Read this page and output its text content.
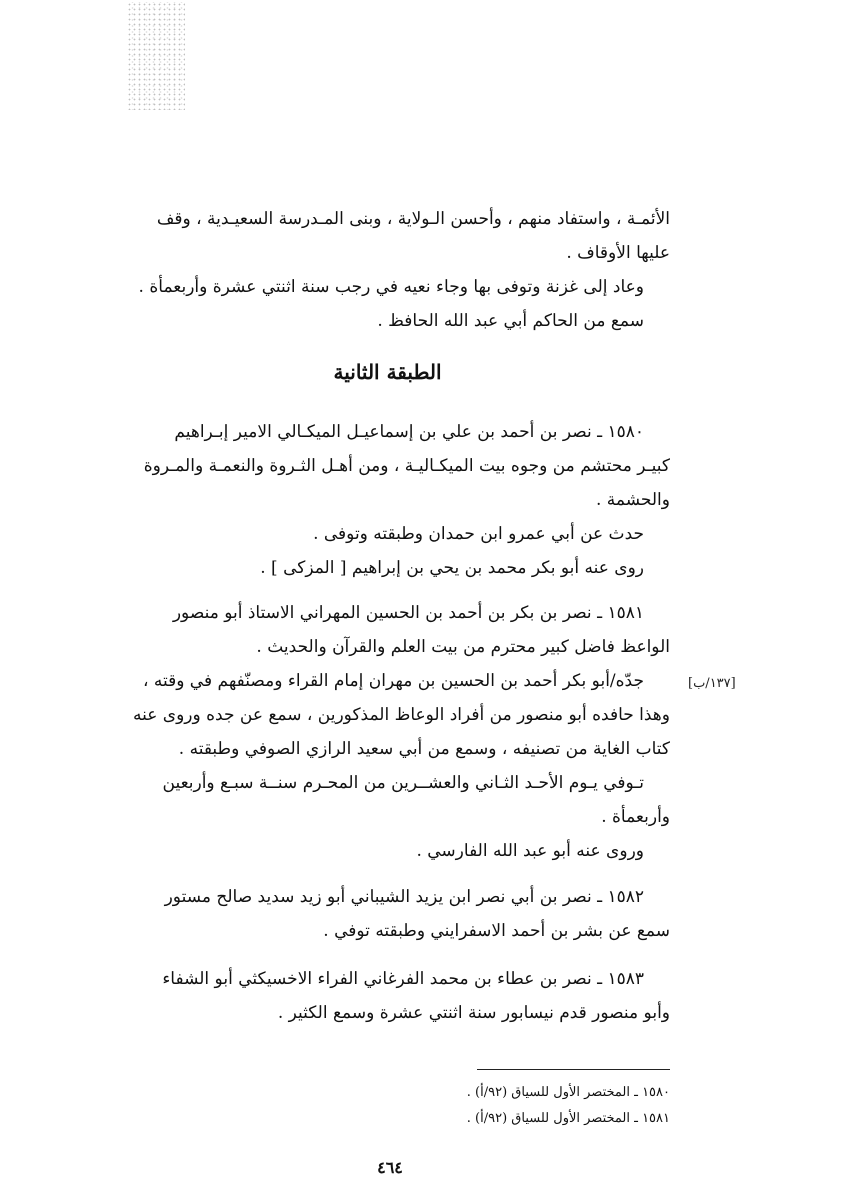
الأئمـة ، واستفاد منهم ، وأحسن الـولاية ، وبنى المـدرسة السعيـدية ، وقف
عليها الأوقاف .
وعاد إلى غزنة وتوفى بها وجاء نعيه في رجب سنة اثنتي عشرة وأربعمأة .
سمع من الحاكم أبي عبد الله الحافظ .
الطبقة الثانية
١٥٨٠ ـ نصر بن أحمد بن علي بن إسماعيـل الميكـالي الامير إبـراهيم
كبيـر محتشم من وجوه بيت الميكـاليـة ، ومن أهـل الثـروة والنعمـة والمـروة
والحشمة .
حدث عن أبي عمرو ابن حمدان وطبقته وتوفى .
روى عنه أبو بكر محمد بن يحي بن إبراهيم [ المزكى ] .
١٥٨١ ـ نصر بن بكر بن أحمد بن الحسين المهراني الاستاذ أبو منصور
الواعظ فاضل كبير محترم من بيت العلم والقرآن والحديث .
جدّه/أبو بكر أحمد بن الحسين بن مهران إمام القراء ومصنّفهم في وقته ،
وهذا حافده أبو منصور من أفراد الوعاظ المذكورين ، سمع عن جده وروى عنه
كتاب الغاية من تصنيفه ، وسمع من أبي سعيد الرازي الصوفي وطبقته .
تـوفي يـوم الأحـد الثـاني والعشــرين من المحـرم سنــة سبـع وأربعين
وأربعمأة .
وروى عنه أبو عبد الله الفارسي .
[١٣٧/ب]
١٥٨٢ ـ نصر بن أبي نصر ابن يزيد الشيباني أبو زيد سديد صالح مستور
سمع عن بشر بن أحمد الاسفرايني وطبقته توفي .
١٥٨٣ ـ نصر بن عطاء بن محمد الفرغاني الفراء الاخسيكثي أبو الشفاء
وأبو منصور قدم نيسابور سنة اثنتي عشرة وسمع الكثير .
١٥٨٠ ـ المختصر الأول للسياق (٩٢/أ) .
١٥٨١ ـ المختصر الأول للسياق (٩٢/أ) .
٤٦٤
